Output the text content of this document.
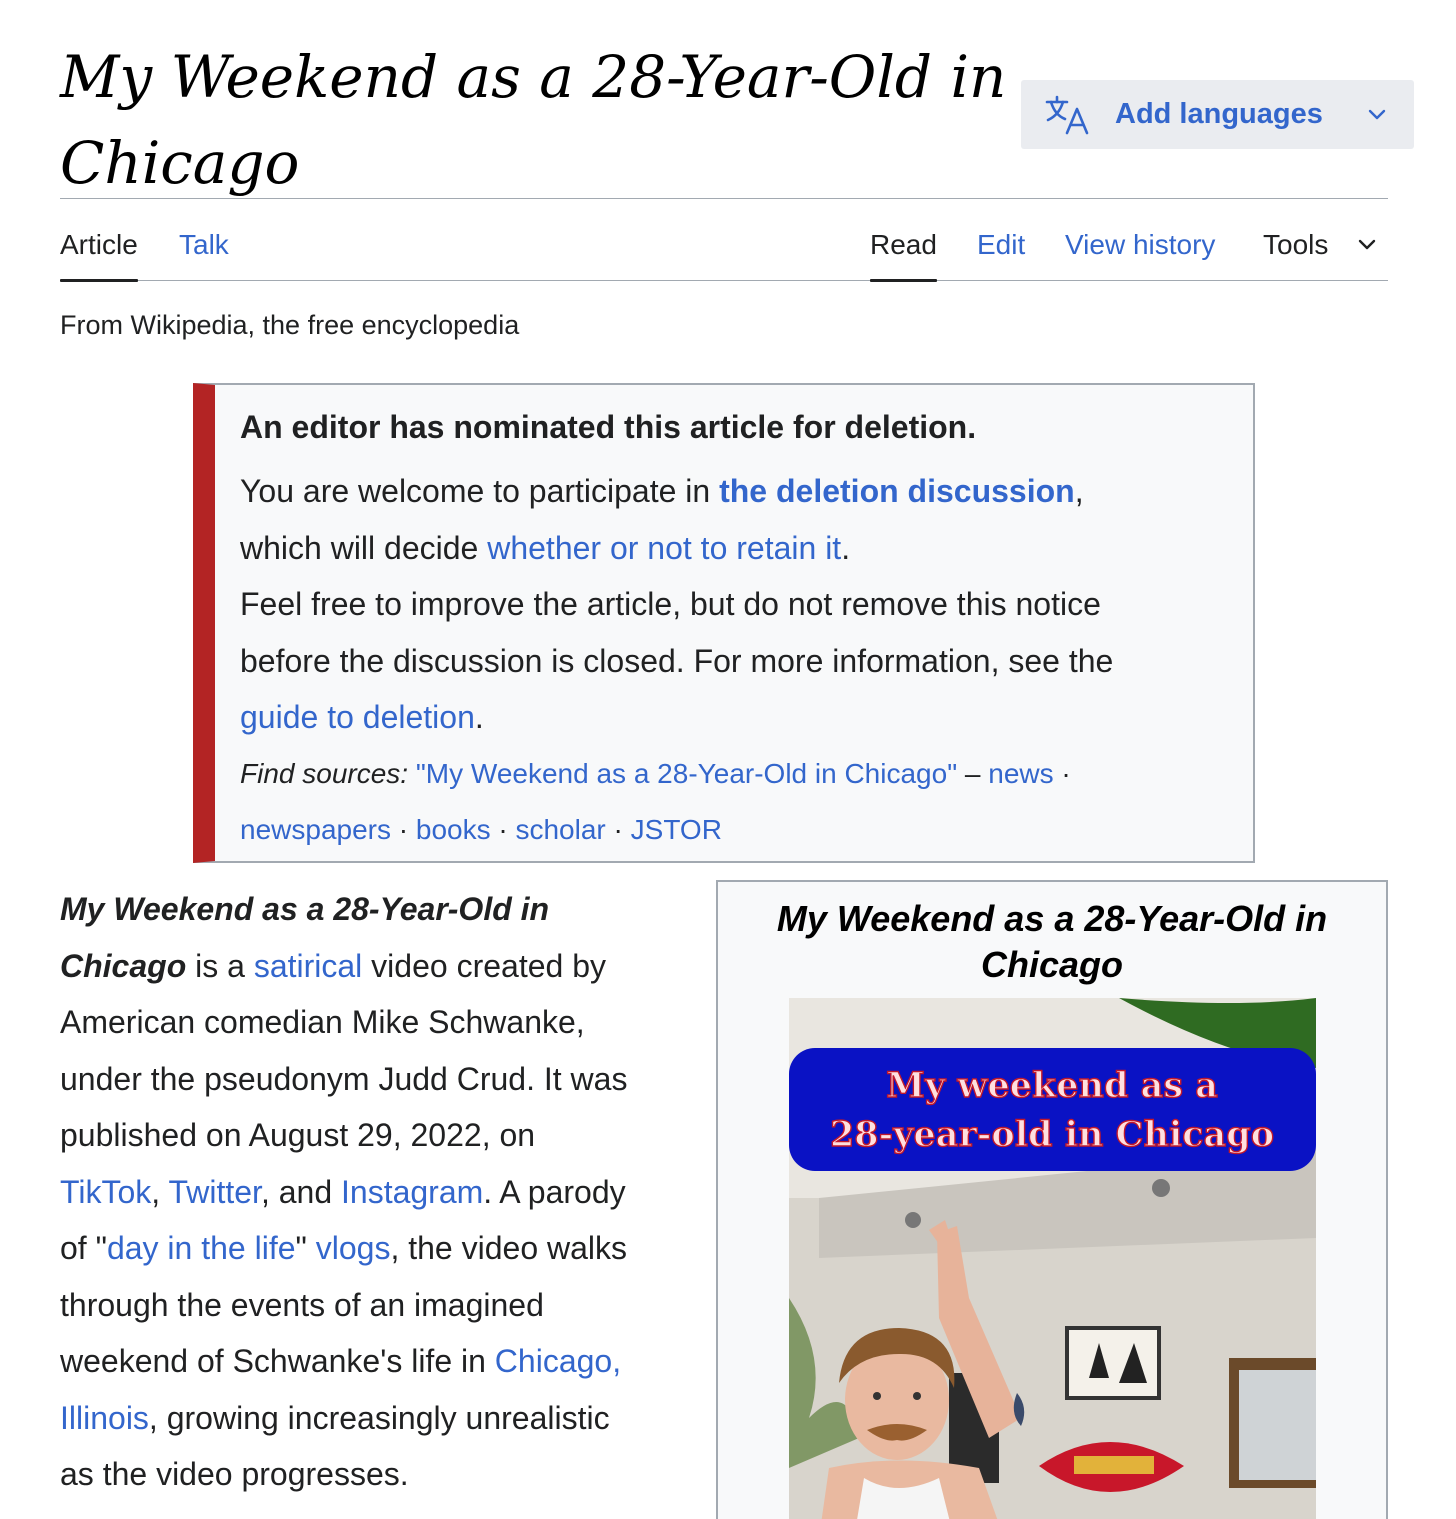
My Weekend as a 28-Year-Old in
Chicago
Add languages
Article Talk	Read Edit View history Tools
From Wikipedia, the free encyclopedia
An editor has nominated this article for deletion.
You are welcome to participate in the deletion discussion,
which will decide whether or not to retain it.
Feel free to improve the article, but do not remove this notice
before the discussion is closed. For more information, see the
guide to deletion.
Find sources: "My Weekend as a 28-Year-Old in Chicago" – news ·
newspapers · books · scholar · JSTOR
My Weekend as a 28-Year-Old in
Chicago is a satirical video created by
American comedian Mike Schwanke,
under the pseudonym Judd Crud. It was
published on August 29, 2022, on
TikTok, Twitter, and Instagram. A parody
of "day in the life" vlogs, the video walks
through the events of an imagined
weekend of Schwanke's life in Chicago,
Illinois, growing increasingly unrealistic
as the video progresses.
My Weekend as a 28-Year-Old in
Chicago
My weekend as a
28-year-old in Chicago
